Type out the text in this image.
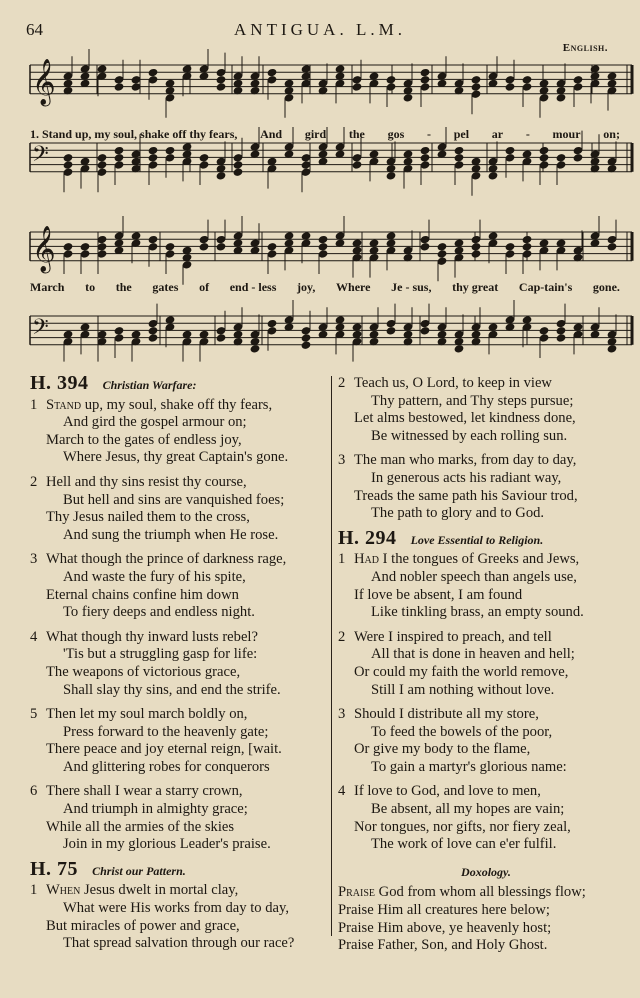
64	ANTIGUA. L.M.
English.
𝄞
𝄢
𝄞
𝄢
1. Stand up, my soul, shake off thy fears, And gird the gos - pel ar - mour on;
March to the gates of end - less joy, Where Je - sus, thy great Cap-tain's gone.
H. 394 Christian Warfare:
1 Stand up, my soul, shake off thy fears,
And gird the gospel armour on;
March to the gates of endless joy,
Where Jesus, thy great Captain's gone.
2 Hell and thy sins resist thy course,
But hell and sins are vanquished foes;
Thy Jesus nailed them to the cross,
And sung the triumph when He rose.
3 What though the prince of darkness rage,
And waste the fury of his spite,
Eternal chains confine him down
To fiery deeps and endless night.
4 What though thy inward lusts rebel?
'Tis but a struggling gasp for life:
The weapons of victorious grace,
Shall slay thy sins, and end the strife.
5 Then let my soul march boldly on,
Press forward to the heavenly gate;
There peace and joy eternal reign, [wait.
And glittering robes for conquerors
6 There shall I wear a starry crown,
And triumph in almighty grace;
While all the armies of the skies
Join in my glorious Leader's praise.
H. 75 Christ our Pattern.
1 When Jesus dwelt in mortal clay,
What were His works from day to day,
But miracles of power and grace,
That spread salvation through our race?
2 Teach us, O Lord, to keep in view
Thy pattern, and Thy steps pursue;
Let alms bestowed, let kindness done,
Be witnessed by each rolling sun.
3 The man who marks, from day to day,
In generous acts his radiant way,
Treads the same path his Saviour trod,
The path to glory and to God.
H. 294 Love Essential to Religion.
1 Had I the tongues of Greeks and Jews,
And nobler speech than angels use,
If love be absent, I am found
Like tinkling brass, an empty sound.
2 Were I inspired to preach, and tell
All that is done in heaven and hell;
Or could my faith the world remove,
Still I am nothing without love.
3 Should I distribute all my store,
To feed the bowels of the poor,
Or give my body to the flame,
To gain a martyr's glorious name:
4 If love to God, and love to men,
Be absent, all my hopes are vain;
Nor tongues, nor gifts, nor fiery zeal,
The work of love can e'er fulfil.
Doxology.
Praise God from whom all blessings flow;
Praise Him all creatures here below;
Praise Him above, ye heavenly host;
Praise Father, Son, and Holy Ghost.
